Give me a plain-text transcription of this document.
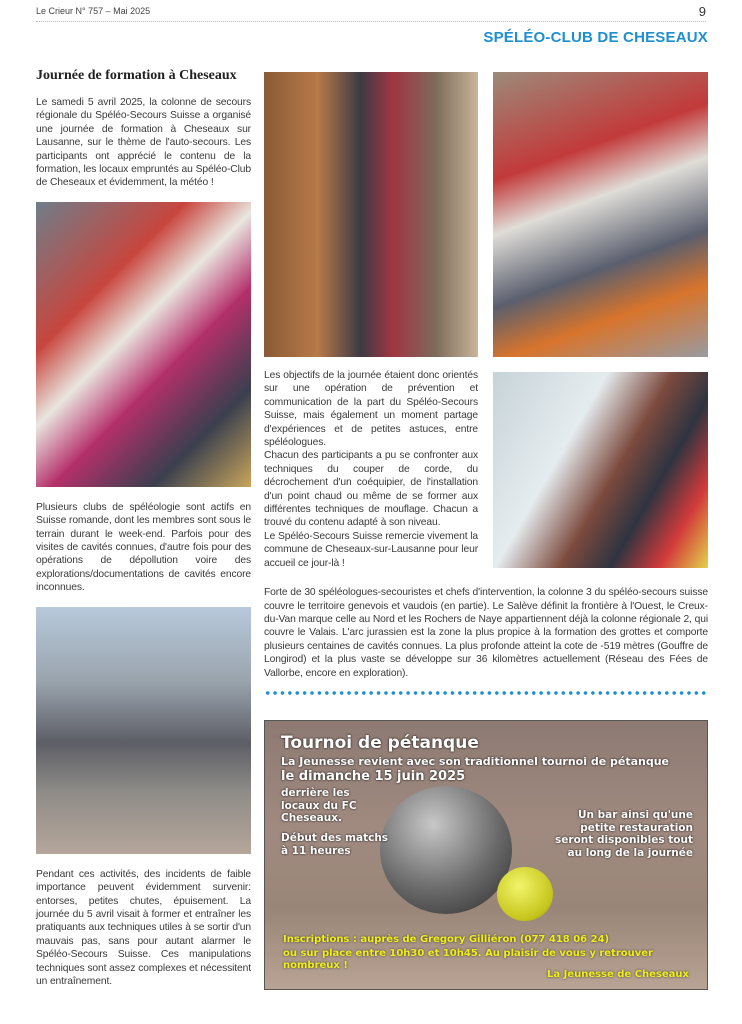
Le Crieur N° 757 – Mai 2025	9
SPÉLÉO-CLUB DE CHESEAUX
Journée de formation à Cheseaux
Le samedi 5 avril 2025, la colonne de secours régionale du Spéléo-Secours Suisse a organisé une journée de formation à Cheseaux sur Lausanne, sur le thème de l'auto-secours. Les participants ont apprécié le contenu de la formation, les locaux empruntés au Spéléo-Club de Cheseaux et évidemment, la météo !
Plusieurs clubs de spéléologie sont actifs en Suisse romande, dont les membres sont sous le terrain durant le week-end. Parfois pour des visites de cavités connues, d'autre fois pour des opérations de dépollution voire des explorations/documentations de cavités encore inconnues.
Pendant ces activités, des incidents de faible importance peuvent évidemment survenir: entorses, petites chutes, épuisement. La journée du 5 avril visait à former et entraîner les pratiquants aux techniques utiles à se sortir d'un mauvais pas, sans pour autant alarmer le Spéléo-Secours Suisse. Ces manipulations techniques sont assez complexes et nécessitent un entraînement.
Les objectifs de la journée étaient donc orientés sur une opération de prévention et communication de la part du Spéléo-Secours Suisse, mais également un moment partage d'expériences et de petites astuces, entre spéléologues.
Chacun des participants a pu se confronter aux techniques du couper de corde, du décrochement d'un coéquipier, de l'installation d'un point chaud ou même de se former aux différentes techniques de mouflage. Chacun a trouvé du contenu adapté à son niveau.
Le Spéléo-Secours Suisse remercie vivement la commune de Cheseaux-sur-Lausanne pour leur accueil ce jour-là !
Forte de 30 spéléologues-secouristes et chefs d'intervention, la colonne 3 du spéléo-secours suisse couvre le territoire genevois et vaudois (en partie). Le Salève définit la frontière à l'Ouest, le Creux-du-Van marque celle au Nord et les Rochers de Naye appartiennent déjà la colonne régionale 2, qui couvre le Valais. L'arc jurassien est la zone la plus propice à la formation des grottes et comporte plusieurs centaines de cavités connues. La plus profonde atteint la cote de -519 mètres (Gouffre de Longirod) et la plus vaste se développe sur 36 kilomètres actuellement (Réseau des Fées de Vallorbe, encore en exploration).
Tournoi de pétanque
La Jeunesse revient avec son traditionnel tournoi de pétanque
le dimanche 15 juin 2025
derrière les locaux du FC Cheseaux.
Début des matchs à 11 heures
Un bar ainsi qu'une petite restauration seront disponibles tout au long de la journée
Inscriptions : auprès de Gregory Gilliéron (077 418 06 24)
ou sur place entre 10h30 et 10h45. Au plaisir de vous y retrouver nombreux !
La Jeunesse de Cheseaux
